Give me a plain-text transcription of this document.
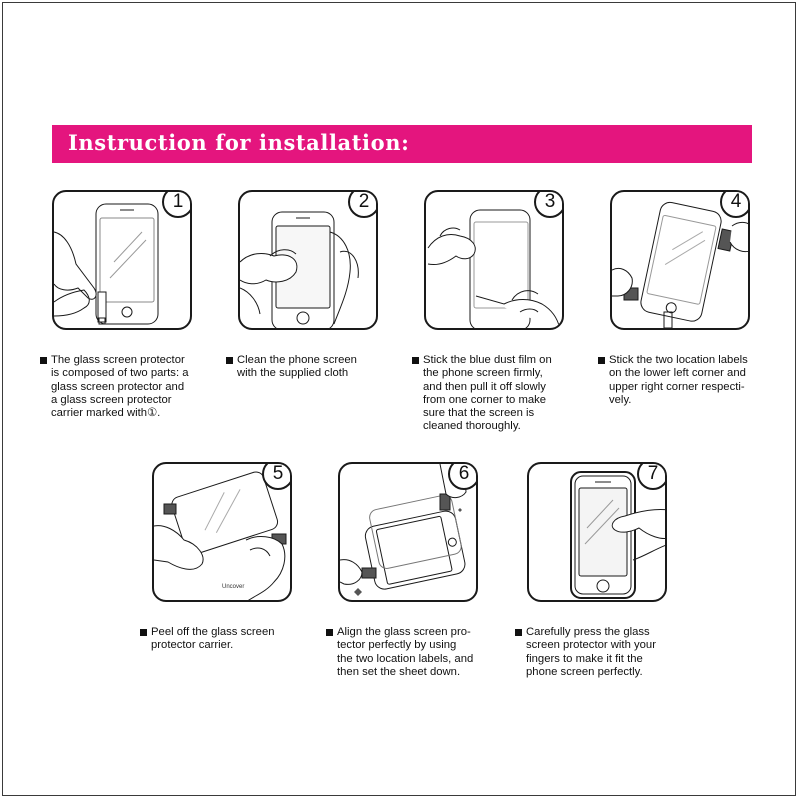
Instruction for installation:
1
The glass screen protector
is composed of two parts: a
glass screen protector and
a glass screen protector
carrier marked with①.
2
Clean the phone screen
with the supplied cloth
3
Stick the blue dust film on
the phone screen firmly,
and then pull it off slowly
from one corner to make
sure that the screen is
cleaned thoroughly.
4
Stick the two location labels
on the lower left corner and
upper right corner respecti-
vely.
Uncover
5
Peel off the glass screen
protector carrier.
6
Align the glass screen pro-
tector perfectly by using
the two location labels, and
then set the sheet down.
7
Carefully press the glass
screen protector with your
fingers to make it fit the
phone screen perfectly.
